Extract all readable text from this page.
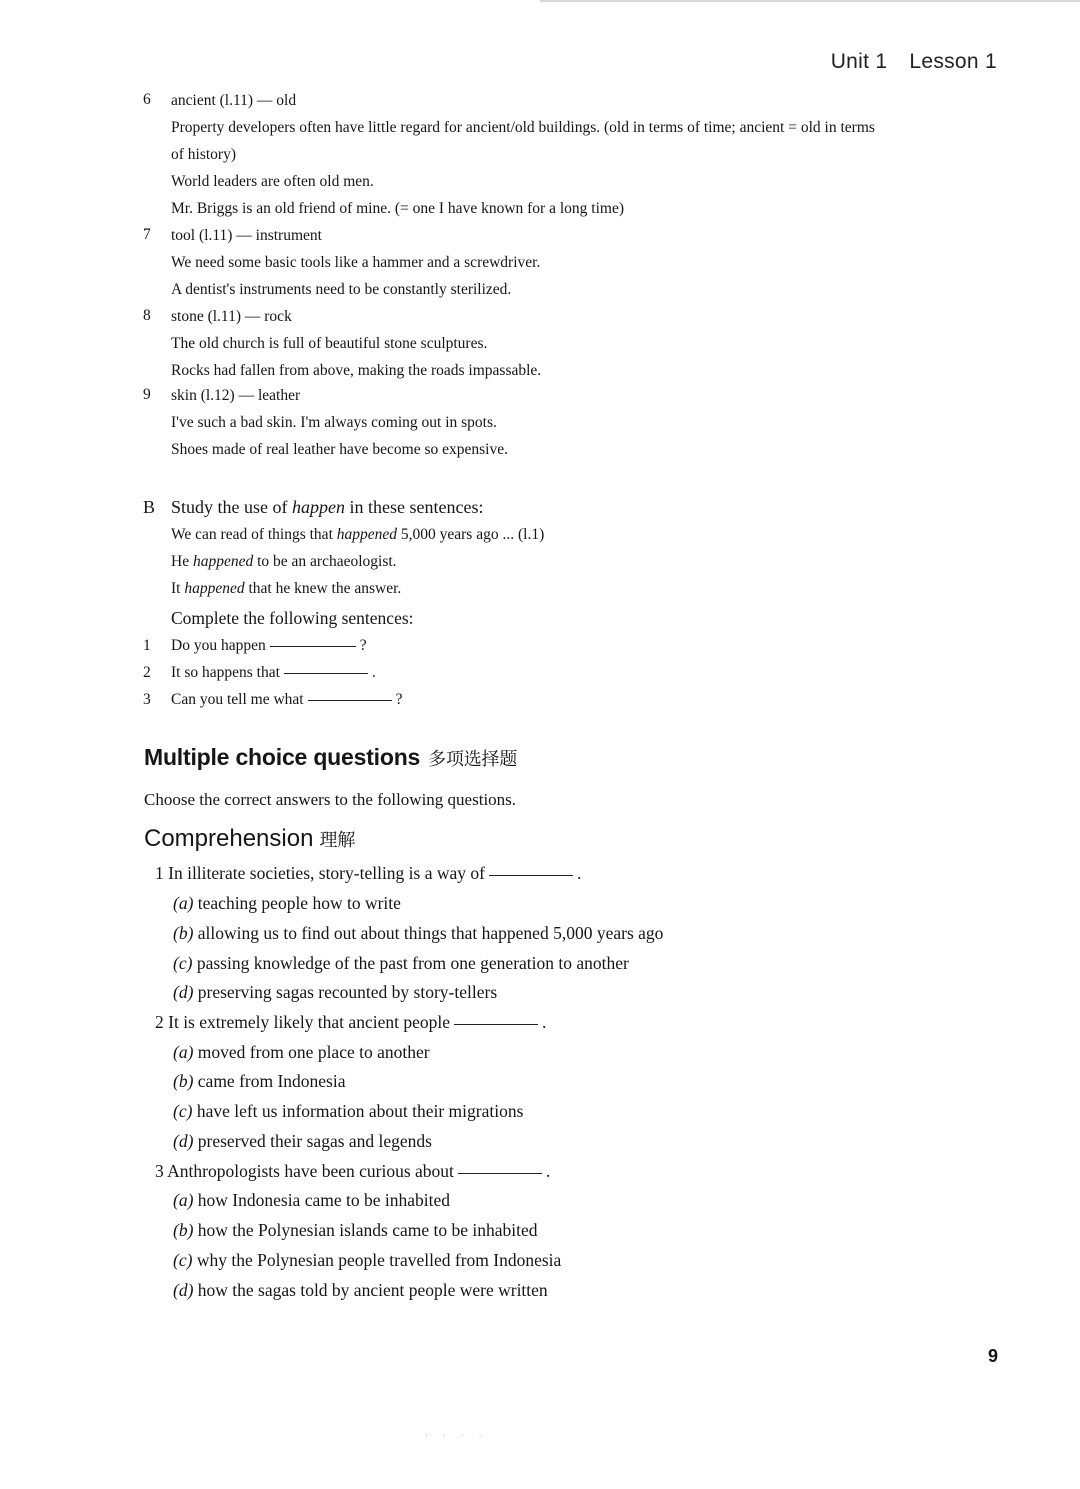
Unit 1 Lesson 1
6 ancient (l.11) — old
Property developers often have little regard for ancient/old buildings. (old in terms of time; ancient = old in terms
of history)
World leaders are often old men.
Mr. Briggs is an old friend of mine. (= one I have known for a long time)
7 tool (l.11) — instrument
We need some basic tools like a hammer and a screwdriver.
A dentist's instruments need to be constantly sterilized.
8 stone (l.11) — rock
The old church is full of beautiful stone sculptures.
Rocks had fallen from above, making the roads impassable.
9 skin (l.12) — leather
I've such a bad skin. I'm always coming out in spots.
Shoes made of real leather have become so expensive.
B Study the use of happen in these sentences:
We can read of things that happened 5,000 years ago ... (l.1)
He happened to be an archaeologist.
It happened that he knew the answer.
Complete the following sentences:
1 Do you happen	?
2 It so happens that	.
3 Can you tell me what	?
Multiple choice questions 多项选择题
Choose the correct answers to the following questions.
Comprehension 理解
1 In illiterate societies, story-telling is a way of	.
(a) teaching people how to write
(b) allowing us to find out about things that happened 5,000 years ago
(c) passing knowledge of the past from one generation to another
(d) preserving sagas recounted by story-tellers
2 It is extremely likely that ancient people	.
(a) moved from one place to another
(b) came from Indonesia
(c) have left us information about their migrations
(d) preserved their sagas and legends
3 Anthropologists have been curious about	.
(a) how Indonesia came to be inhabited
(b) how the Polynesian islands came to be inhabited
(c) why the Polynesian people travelled from Indonesia
(d) how the sagas told by ancient people were written
9
· · · ·
